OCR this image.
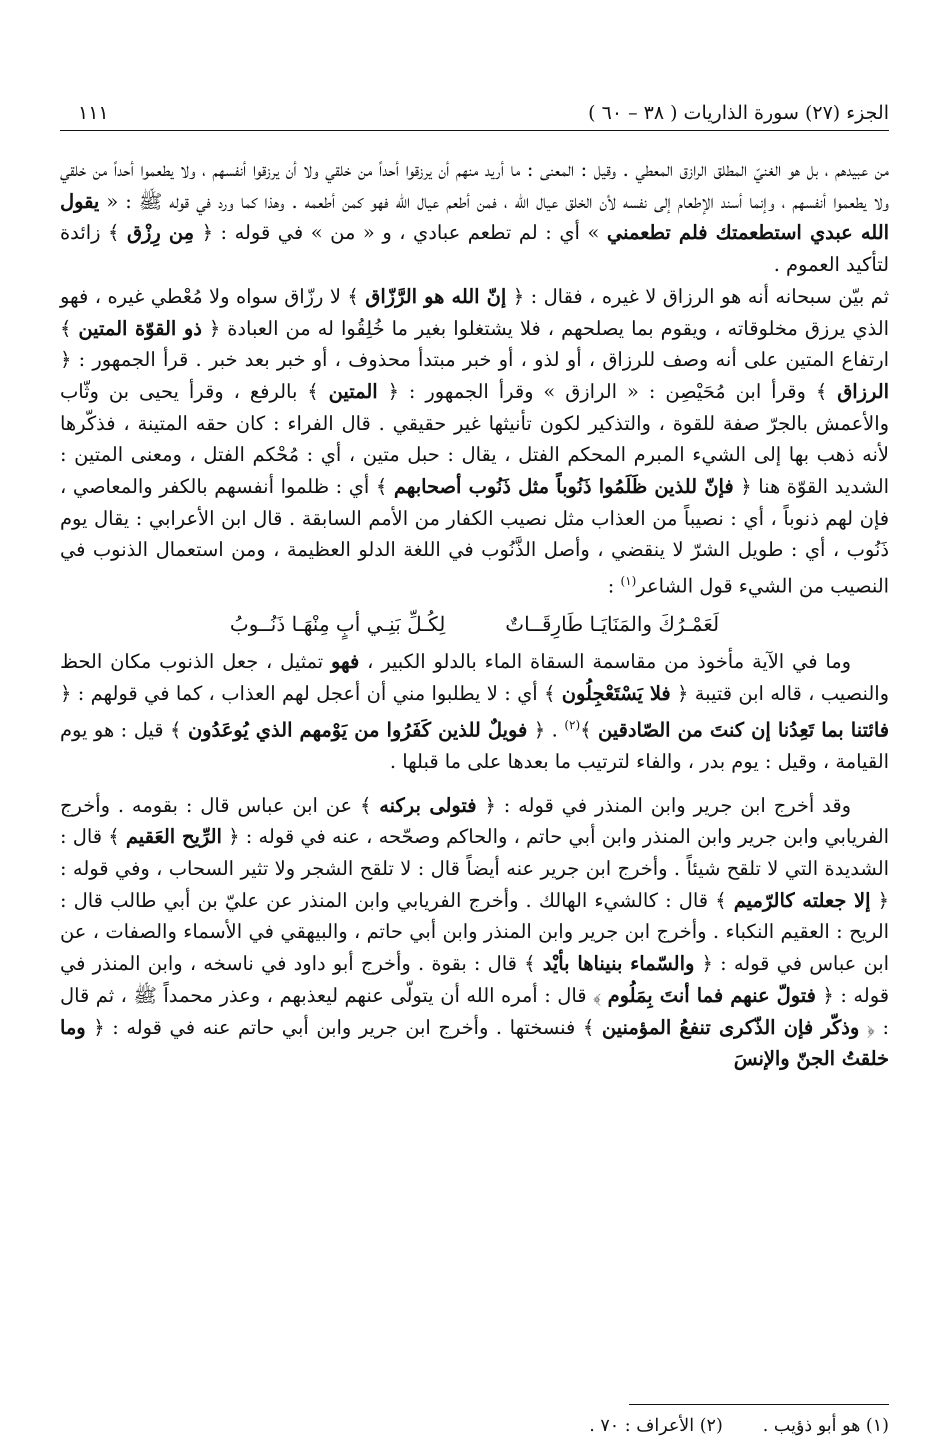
الجزء (٢٧) سورة الذاريات ( ٣٨ – ٦٠ )
١١١

من عبيدهم ، بل هو الغنيّ المطلق الرازق المعطي . وقيل : المعنى : ما أريد منهم أن يرزقوا أحداً من خلقي ولا أن يرزقوا أنفسهم ، ولا يطعموا أحداً من خلقي ولا يطعموا أنفسهم ، وإنما أسند الإطعام إلى نفسه لأن الخلق عيال الله ، فمن أطعم عيال الله فهو كمن أطعمه . وهذا كما ورد في قوله ﷺ : « يقول الله عبدي استطعمتك فلم تطعمني » أي : لم تطعم عبادي ، و « من » في قوله : ﴿ مِن رِزْق ﴾ زائدة لتأكيد العموم .

ثم بيّن سبحانه أنه هو الرزاق لا غيره ، فقال : ﴿ إنّ الله هو الرَّزّاق ﴾ لا رزّاق سواه ولا مُعْطي غيره ، فهو الذي يرزق مخلوقاته ، ويقوم بما يصلحهم ، فلا يشتغلوا بغير ما خُلِقُوا له من العبادة ﴿ ذو القوّة المتين ﴾ ارتفاع المتين على أنه وصف للرزاق ، أو لذو ، أو خبر مبتدأ محذوف ، أو خبر بعد خبر . قرأ الجمهور : ﴿ الرزاق ﴾ وقرأ ابن مُحَيْصِن : « الرازق » وقرأ الجمهور : ﴿ المتين ﴾ بالرفع ، وقرأ يحيى بن وثّاب والأعمش بالجرّ صفة للقوة ، والتذكير لكون تأنيثها غير حقيقي . قال الفراء : كان حقه المتينة ، فذكّرها لأنه ذهب بها إلى الشيء المبرم المحكم الفتل ، يقال : حبل متين ، أي : مُحْكم الفتل ، ومعنى المتين : الشديد القوّة هنا ﴿ فإنّ للذين ظَلَمُوا ذَنُوباً مثل ذَنُوب أصحابهم ﴾ أي : ظلموا أنفسهم بالكفر والمعاصي ، فإن لهم ذنوباً ، أي : نصيباً من العذاب مثل نصيب الكفار من الأمم السابقة . قال ابن الأعرابي : يقال يوم ذَنُوب ، أي : طويل الشرّ لا ينقضي ، وأصل الذَّنُوب في اللغة الدلو العظيمة ، ومن استعمال الذنوب في النصيب من الشيء قول الشاعر$^{(١)}$ :

لَعَمْـرُكَ والمَنَايَـا طَارِقَــاتٌ
لِكُـلِّ بَنِـي أبٍ مِنْهَـا ذَنُــوبُ

وما في الآية مأخوذ من مقاسمة السقاة الماء بالدلو الكبير ، فهو تمثيل ، جعل الذنوب مكان الحظ والنصيب ، قاله ابن قتيبة ﴿ فلا يَسْتَعْجِلُون ﴾ أي : لا يطلبوا مني أن أعجل لهم العذاب ، كما في قولهم : ﴿ فائتنا بما تَعِدُنا إن كنتَ من الصّادقين ﴾$^{(٢)}$ . ﴿ فويلٌ للذين كَفَرُوا من يَوْمهم الذي يُوعَدُون ﴾ قيل : هو يوم القيامة ، وقيل : يوم بدر ، والفاء لترتيب ما بعدها على ما قبلها .

وقد أخرج ابن جرير وابن المنذر في قوله : ﴿ فتولى بركنه ﴾ عن ابن عباس قال : بقومه . وأخرج الفريابي وابن جرير وابن المنذر وابن أبي حاتم ، والحاكم وصحّحه ، عنه في قوله : ﴿ الرِّيح العَقيم ﴾ قال : الشديدة التي لا تلقح شيئاً . وأخرج ابن جرير عنه أيضاً قال : لا تلقح الشجر ولا تثير السحاب ، وفي قوله : ﴿ إلا جعلته كالرّميم ﴾ قال : كالشيء الهالك . وأخرج الفريابي وابن المنذر عن عليّ بن أبي طالب قال : الريح : العقيم النكباء . وأخرج ابن جرير وابن المنذر وابن أبي حاتم ، والبيهقي في الأسماء والصفات ، عن ابن عباس في قوله : ﴿ والسّماء بنيناها بأيْد ﴾ قال : بقوة . وأخرج أبو داود في ناسخه ، وابن المنذر في قوله : ﴿ فتولّ عنهم فما أنتَ بِمَلُوم ﴾ قال : أمره الله أن يتولّى عنهم ليعذبهم ، وعذر محمداً ﷺ ، ثم قال : ﴿ وذكّر فإن الذّكرى تنفعُ المؤمنين ﴾ فنسختها . وأخرج ابن جرير وابن أبي حاتم عنه في قوله : ﴿ وما خلقتُ الجنّ والإنسَ

(١) هو أبو ذؤيب .
(٢) الأعراف : ٧٠ .
